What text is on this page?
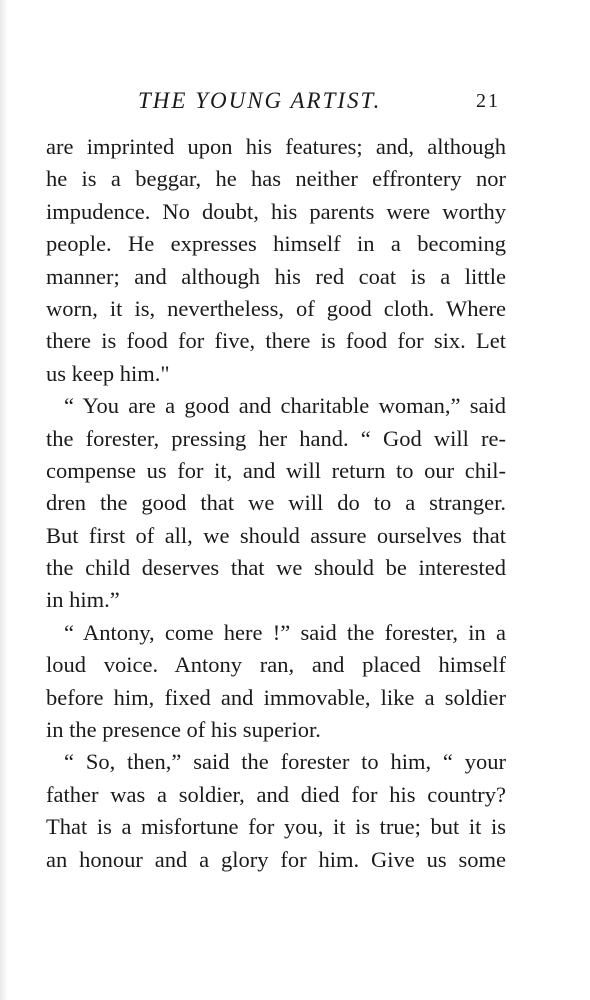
THE YOUNG ARTIST.	21
are imprinted upon his features; and, although
he is a beggar, he has neither effrontery nor
impudence. No doubt, his parents were worthy
people. He expresses himself in a becoming
manner; and although his red coat is a little
worn, it is, nevertheless, of good cloth. Where
there is food for five, there is food for six. Let
us keep him."
“ You are a good and charitable woman,” said
the forester, pressing her hand. “ God will re-
compense us for it, and will return to our chil-
dren the good that we will do to a stranger.
But first of all, we should assure ourselves that
the child deserves that we should be interested
in him.”
“ Antony, come here !” said the forester, in a
loud voice. Antony ran, and placed himself
before him, fixed and immovable, like a soldier
in the presence of his superior.
“ So, then,” said the forester to him, “ your
father was a soldier, and died for his country?
That is a misfortune for you, it is true; but it is
an honour and a glory for him. Give us some
